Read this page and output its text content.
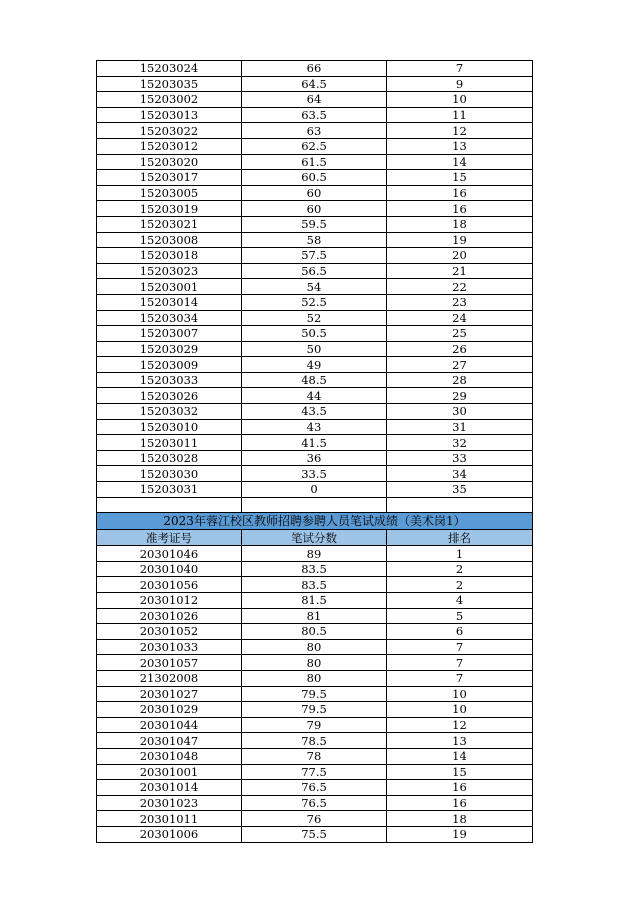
15203024	66	7
15203035	64.5	9
15203002	64	10
15203013	63.5	11
15203022	63	12
15203012	62.5	13
15203020	61.5	14
15203017	60.5	15
15203005	60	16
15203019	60	16
15203021	59.5	18
15203008	58	19
15203018	57.5	20
15203023	56.5	21
15203001	54	22
15203014	52.5	23
15203034	52	24
15203007	50.5	25
15203029	50	26
15203009	49	27
15203033	48.5	28
15203026	44	29
15203032	43.5	30
15203010	43	31
15203011	41.5	32
15203028	36	33
15203030	33.5	34
15203031	0	35

2023年蓉江校区教师招聘参聘人员笔试成绩（美术岗1）		
准考证号	笔试分数	排名
20301046	89	1
20301040	83.5	2
20301056	83.5	2
20301012	81.5	4
20301026	81	5
20301052	80.5	6
20301033	80	7
20301057	80	7
21302008	80	7
20301027	79.5	10
20301029	79.5	10
20301044	79	12
20301047	78.5	13
20301048	78	14
20301001	77.5	15
20301014	76.5	16
20301023	76.5	16
20301011	76	18
20301006	75.5	19
